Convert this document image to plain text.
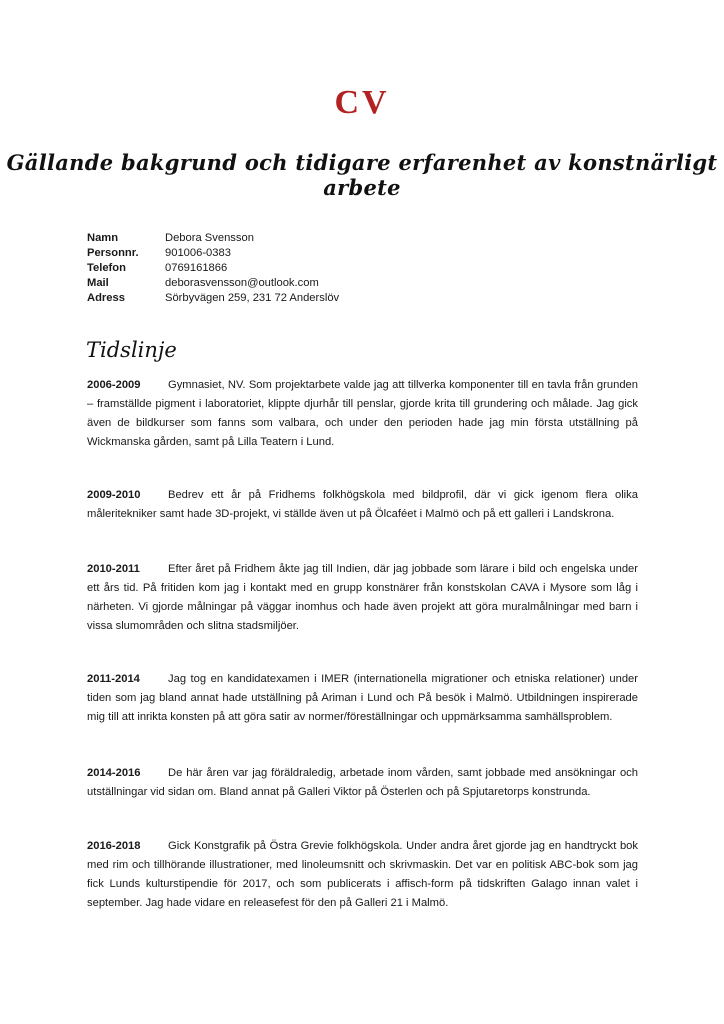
CV
Gällande bakgrund och tidigare erfarenhet av konstnärligt arbete
Namn	Debora Svensson
Personnr.	901006-0383
Telefon	0769161866
Mail	deborasvensson@outlook.com
Adress	Sörbyvägen 259, 231 72 Anderslöv
Tidslinje

2006-2009 Gymnasiet, NV. Som projektarbete valde jag att tillverka komponenter till en tavla från grunden – framställde pigment i laboratoriet, klippte djurhår till penslar, gjorde krita till grundering och målade. Jag gick även de bildkurser som fanns som valbara, och under den perioden hade jag min första utställning på Wickmanska gården, samt på Lilla Teatern i Lund.

2009-2010 Bedrev ett år på Fridhems folkhögskola med bildprofil, där vi gick igenom flera olika måleritekniker samt hade 3D-projekt, vi ställde även ut på Ölcaféet i Malmö och på ett galleri i Landskrona.

2010-2011	Efter året på Fridhem åkte jag till Indien, där jag jobbade som lärare i bild och engelska under ett års tid. På fritiden kom jag i kontakt med en grupp konstnärer från konstskolan CAVA i Mysore som låg i närheten. Vi gjorde målningar på väggar inomhus och hade även projekt att göra muralmålningar med barn i vissa slumområden och slitna stadsmiljöer.

2011-2014	Jag tog en kandidatexamen i IMER (internationella migrationer och etniska relationer) under tiden som jag bland annat hade utställning på Ariman i Lund och På besök i Malmö. Utbildningen inspirerade mig till att inrikta konsten på att göra satir av normer/föreställningar och uppmärksamma samhällsproblem.

2014-2016 De här åren var jag föräldraledig, arbetade inom vården, samt jobbade med ansökningar och utställningar vid sidan om. Bland annat på Galleri Viktor på Österlen och på Spjutaretorps konstrunda.

2016-2018 Gick Konstgrafik på Östra Grevie folkhögskola. Under andra året gjorde jag en handtryckt bok med rim och tillhörande illustrationer, med linoleumsnitt och skrivmaskin. Det var en politisk ABC-bok som jag fick Lunds kulturstipendie för 2017, och som publicerats i affisch-form på tidskriften Galago innan valet i september. Jag hade vidare en releasefest för den på Galleri 21 i Malmö.
